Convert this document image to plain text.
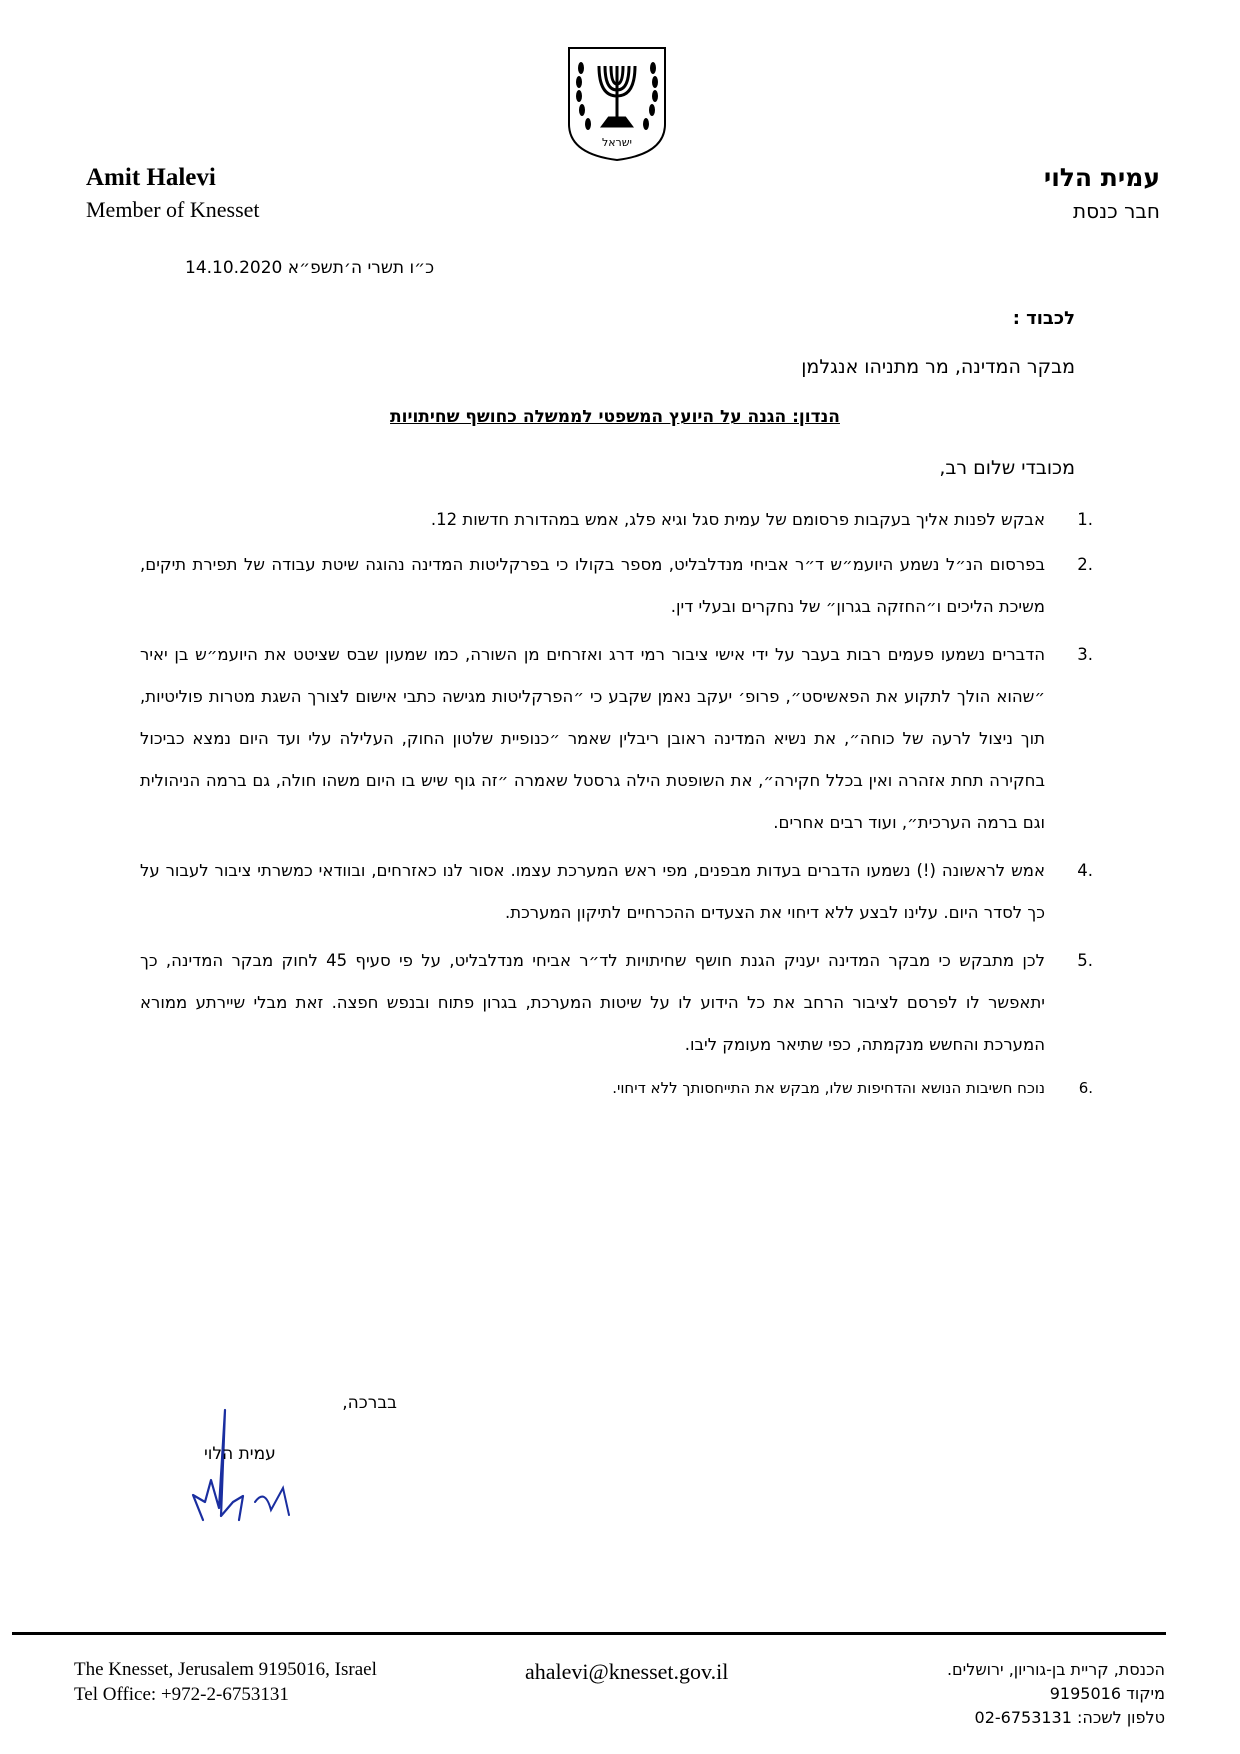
ישראל
Amit Halevi
Member of Knesset
עמית הלוי
חבר כנסת
כ״ו תשרי ה׳תשפ״א 14.10.2020
לכבוד :
מבקר המדינה, מר מתניהו אנגלמן
הנדון: הגנה על היועץ המשפטי לממשלה כחושף שחיתויות
מכובדי שלום רב,
1.
אבקש לפנות אליך בעקבות פרסומם של עמית סגל וגיא פלג, אמש במהדורת חדשות 12.
2.
בפרסום הנ״ל נשמע היועמ״ש ד״ר אביחי מנדלבליט, מספר בקולו כי בפרקליטות המדינה נהוגה שיטת עבודה של תפירת תיקים, משיכת הליכים ו״החזקה בגרון״ של נחקרים ובעלי דין.
3.
הדברים נשמעו פעמים רבות בעבר על ידי אישי ציבור רמי דרג ואזרחים מן השורה, כמו שמעון שבס שציטט את היועמ״ש בן יאיר ״שהוא הולך לתקוע את הפאשיסט״, פרופ׳ יעקב נאמן שקבע כי ״הפרקליטות מגישה כתבי אישום לצורך השגת מטרות פוליטיות, תוך ניצול לרעה של כוחה״, את נשיא המדינה ראובן ריבלין שאמר ״כנופיית שלטון החוק, העלילה עלי ועד היום נמצא כביכול בחקירה תחת אזהרה ואין בכלל חקירה״, את השופטת הילה גרסטל שאמרה ״זה גוף שיש בו היום משהו חולה, גם ברמה הניהולית וגם ברמה הערכית״, ועוד רבים אחרים.
4.
אמש לראשונה (!) נשמעו הדברים בעדות מבפנים, מפי ראש המערכת עצמו. אסור לנו כאזרחים, ובוודאי כמשרתי ציבור לעבור על כך לסדר היום. עלינו לבצע ללא דיחוי את הצעדים ההכרחיים לתיקון המערכת.
5.
לכן מתבקש כי מבקר המדינה יעניק הגנת חושף שחיתויות לד״ר אביחי מנדלבליט, על פי סעיף 45 לחוק מבקר המדינה, כך יתאפשר לו לפרסם לציבור הרחב את כל הידוע לו על שיטות המערכת, בגרון פתוח ובנפש חפצה. זאת מבלי שיירתע ממורא המערכת והחשש מנקמתה, כפי שתיאר מעומק ליבו.
6.
נוכח חשיבות הנושא והדחיפות שלו, מבקש את התייחסותך ללא דיחוי.
בברכה,
עמית הלוי
The Knesset, Jerusalem 9195016, Israel
Tel Office: +972-2-6753131
ahalevi@knesset.gov.il	הכנסת, קריית בן-גוריון, ירושלים.
מיקוד 9195016
טלפון לשכה: 02-6753131
